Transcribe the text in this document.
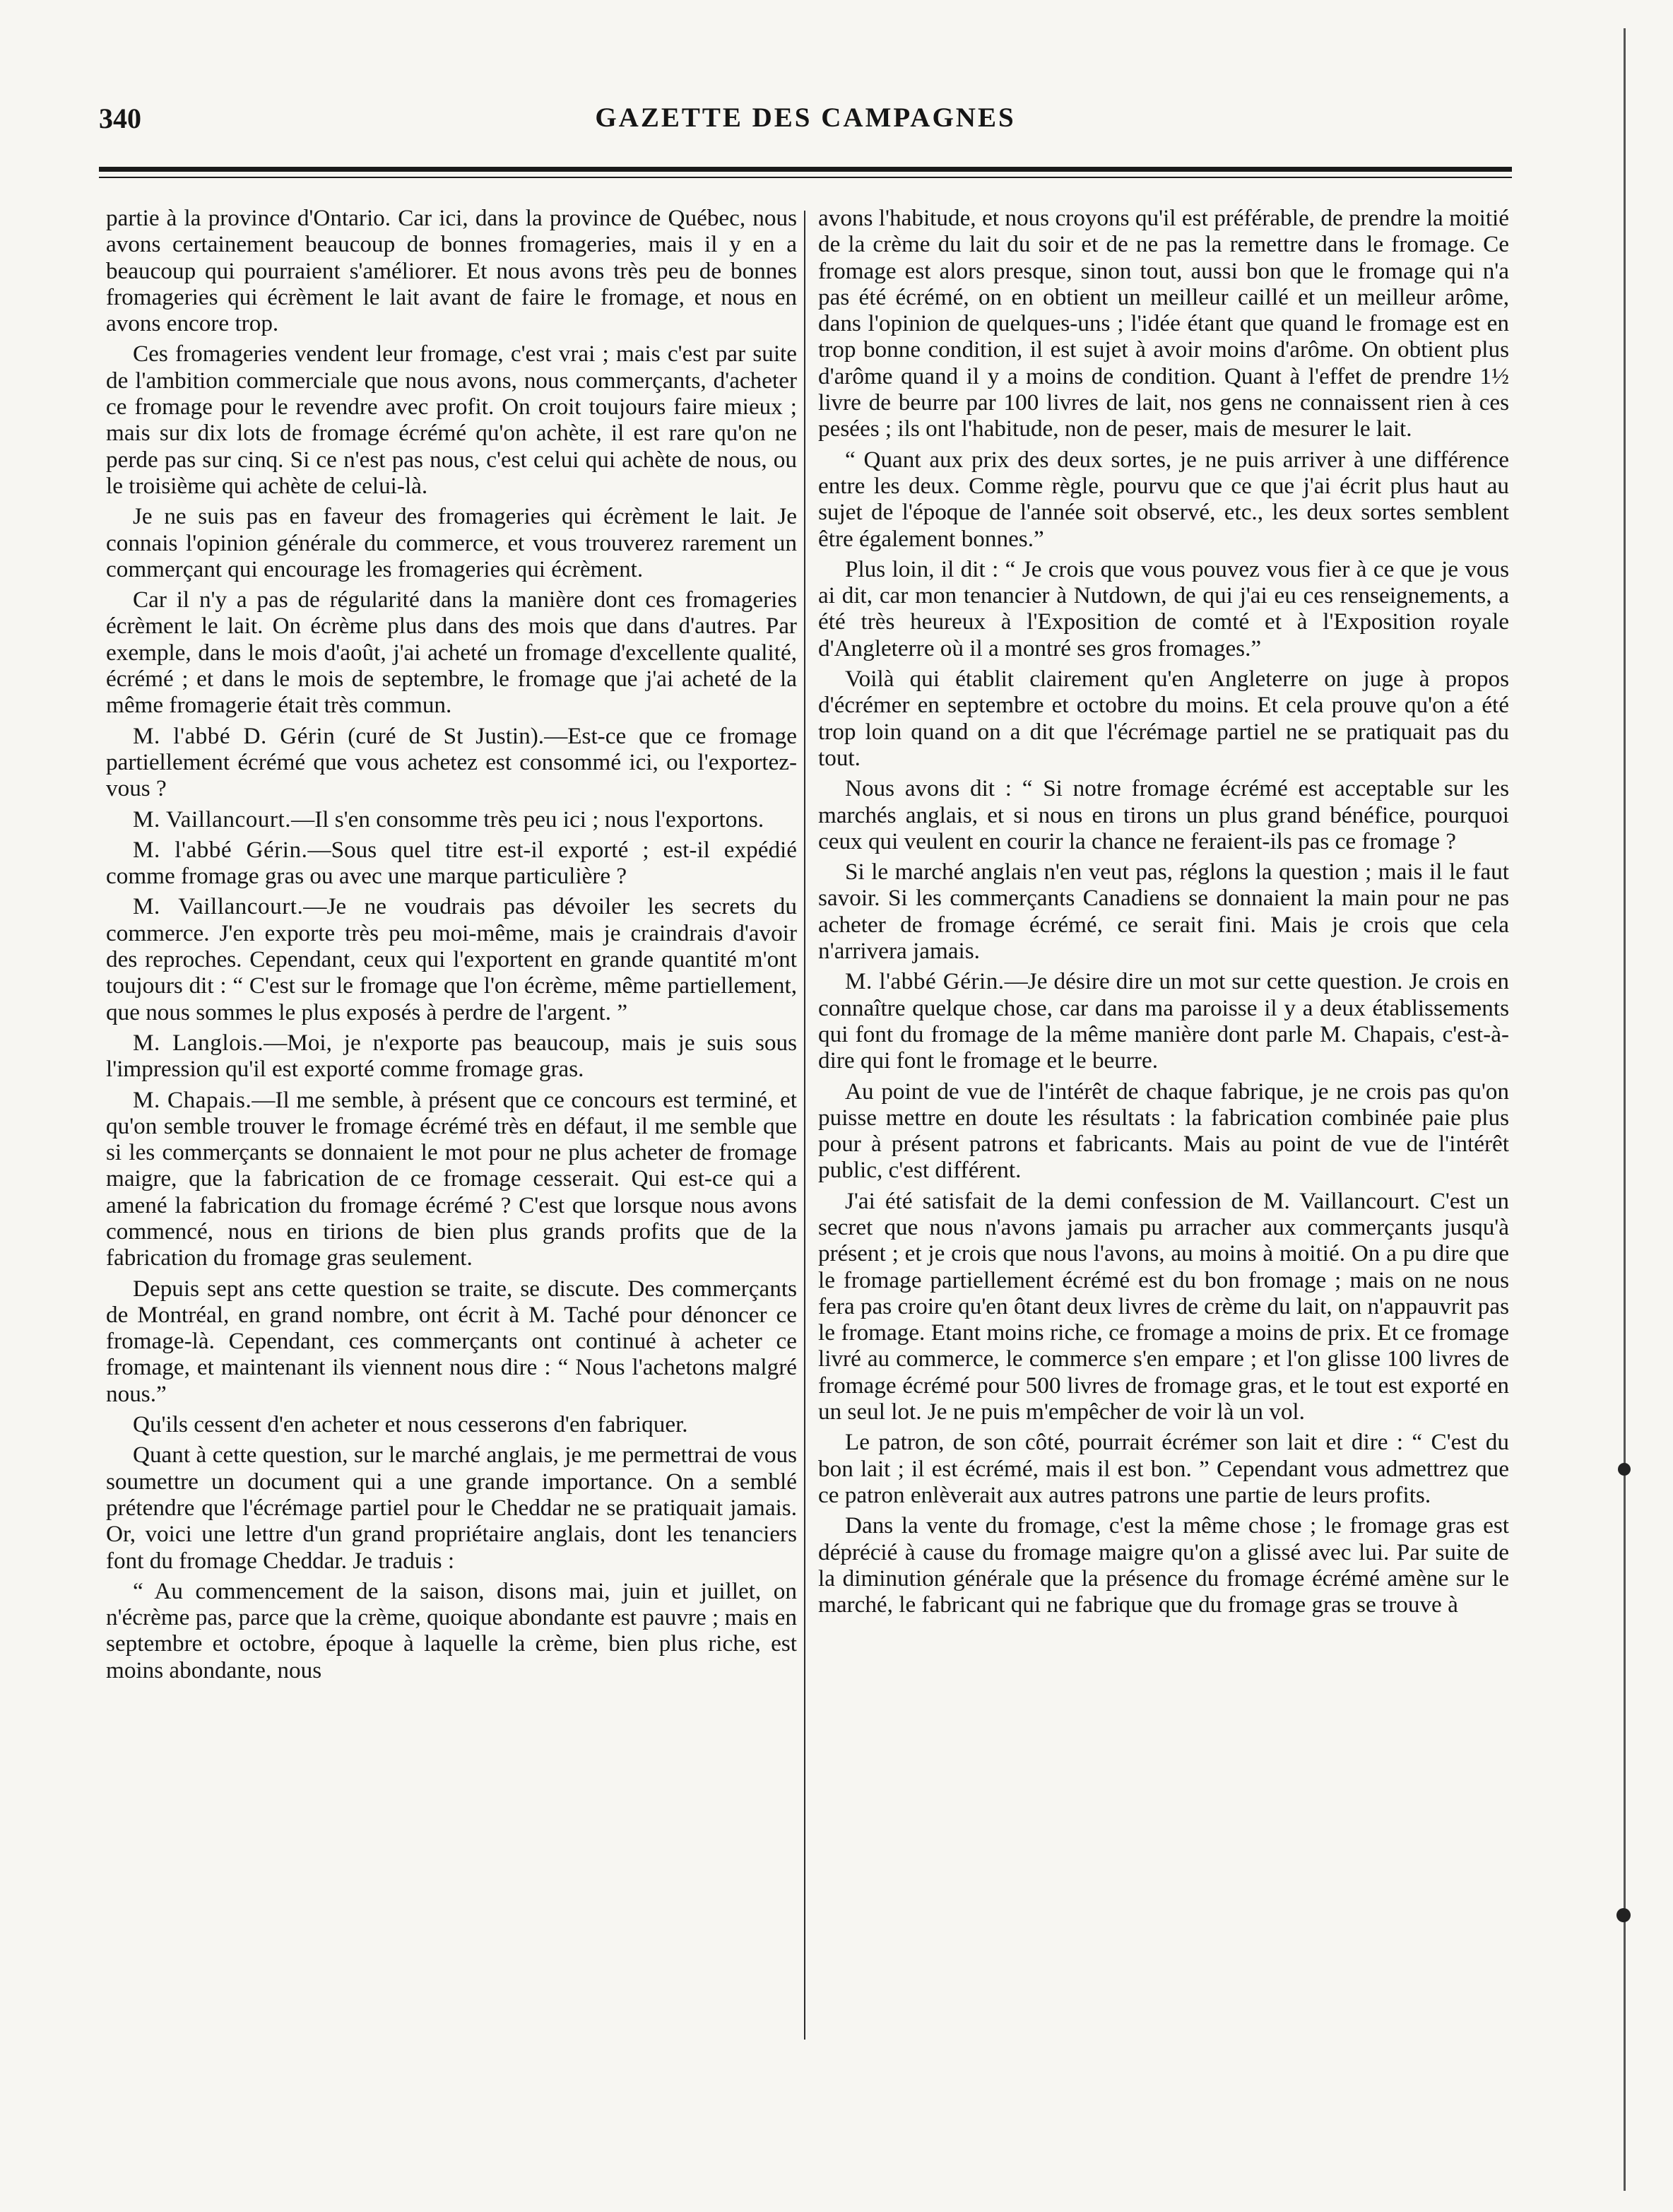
340	GAZETTE DES CAMPAGNES

partie à la province d'Ontario. Car ici, dans la province de Québec, nous avons certainement beaucoup de bonnes fromageries, mais il y en a beaucoup qui pourraient s'améliorer. Et nous avons très peu de bonnes fromageries qui écrèment le lait avant de faire le fromage, et nous en avons encore trop.

Ces fromageries vendent leur fromage, c'est vrai ; mais c'est par suite de l'ambition commerciale que nous avons, nous commerçants, d'acheter ce fromage pour le revendre avec profit. On croit toujours faire mieux ; mais sur dix lots de fromage écrémé qu'on achète, il est rare qu'on ne perde pas sur cinq. Si ce n'est pas nous, c'est celui qui achète de nous, ou le troisième qui achète de celui-là.

Je ne suis pas en faveur des fromageries qui écrèment le lait. Je connais l'opinion générale du commerce, et vous trouverez rarement un commerçant qui encourage les fromageries qui écrèment.

Car il n'y a pas de régularité dans la manière dont ces fromageries écrèment le lait. On écrème plus dans des mois que dans d'autres. Par exemple, dans le mois d'août, j'ai acheté un fromage d'excellente qualité, écrémé ; et dans le mois de septembre, le fromage que j'ai acheté de la même fromagerie était très commun.

M. l'abbé D. Gérin (curé de St Justin).—Est-ce que ce fromage partiellement écrémé que vous achetez est consommé ici, ou l'exportez-vous ?

M. Vaillancourt.—Il s'en consomme très peu ici ; nous l'exportons.

M. l'abbé Gérin.—Sous quel titre est-il exporté ; est-il expédié comme fromage gras ou avec une marque particulière ?

M. Vaillancourt.—Je ne voudrais pas dévoiler les secrets du commerce. J'en exporte très peu moi-même, mais je craindrais d'avoir des reproches. Cependant, ceux qui l'exportent en grande quantité m'ont toujours dit : “ C'est sur le fromage que l'on écrème, même partiellement, que nous sommes le plus exposés à perdre de l'argent. ”

M. Langlois.—Moi, je n'exporte pas beaucoup, mais je suis sous l'impression qu'il est exporté comme fromage gras.

M. Chapais.—Il me semble, à présent que ce concours est terminé, et qu'on semble trouver le fromage écrémé très en défaut, il me semble que si les commerçants se donnaient le mot pour ne plus acheter de fromage maigre, que la fabrication de ce fromage cesserait. Qui est-ce qui a amené la fabrication du fromage écrémé ? C'est que lorsque nous avons commencé, nous en tirions de bien plus grands profits que de la fabrication du fromage gras seulement.

Depuis sept ans cette question se traite, se discute. Des commerçants de Montréal, en grand nombre, ont écrit à M. Taché pour dénoncer ce fromage-là. Cependant, ces commerçants ont continué à acheter ce fromage, et maintenant ils viennent nous dire : “ Nous l'achetons malgré nous.”

Qu'ils cessent d'en acheter et nous cesserons d'en fabriquer.

Quant à cette question, sur le marché anglais, je me permettrai de vous soumettre un document qui a une grande importance. On a semblé prétendre que l'écrémage partiel pour le Cheddar ne se pratiquait jamais. Or, voici une lettre d'un grand propriétaire anglais, dont les tenanciers font du fromage Cheddar. Je traduis :

“ Au commencement de la saison, disons mai, juin et juillet, on n'écrème pas, parce que la crème, quoique abondante est pauvre ; mais en septembre et octobre, époque à laquelle la crème, bien plus riche, est moins abondante, nous

avons l'habitude, et nous croyons qu'il est préférable, de prendre la moitié de la crème du lait du soir et de ne pas la remettre dans le fromage. Ce fromage est alors presque, sinon tout, aussi bon que le fromage qui n'a pas été écrémé, on en obtient un meilleur caillé et un meilleur arôme, dans l'opinion de quelques-uns ; l'idée étant que quand le fromage est en trop bonne condition, il est sujet à avoir moins d'arôme. On obtient plus d'arôme quand il y a moins de condition. Quant à l'effet de prendre 1½ livre de beurre par 100 livres de lait, nos gens ne connaissent rien à ces pesées ; ils ont l'habitude, non de peser, mais de mesurer le lait.

“ Quant aux prix des deux sortes, je ne puis arriver à une différence entre les deux. Comme règle, pourvu que ce que j'ai écrit plus haut au sujet de l'époque de l'année soit observé, etc., les deux sortes semblent être également bonnes.”

Plus loin, il dit : “ Je crois que vous pouvez vous fier à ce que je vous ai dit, car mon tenancier à Nutdown, de qui j'ai eu ces renseignements, a été très heureux à l'Exposition de comté et à l'Exposition royale d'Angleterre où il a montré ses gros fromages.”

Voilà qui établit clairement qu'en Angleterre on juge à propos d'écrémer en septembre et octobre du moins. Et cela prouve qu'on a été trop loin quand on a dit que l'écrémage partiel ne se pratiquait pas du tout.

Nous avons dit : “ Si notre fromage écrémé est acceptable sur les marchés anglais, et si nous en tirons un plus grand bénéfice, pourquoi ceux qui veulent en courir la chance ne feraient-ils pas ce fromage ?

Si le marché anglais n'en veut pas, réglons la question ; mais il le faut savoir. Si les commerçants Canadiens se donnaient la main pour ne pas acheter de fromage écrémé, ce serait fini. Mais je crois que cela n'arrivera jamais.

M. l'abbé Gérin.—Je désire dire un mot sur cette question. Je crois en connaître quelque chose, car dans ma paroisse il y a deux établissements qui font du fromage de la même manière dont parle M. Chapais, c'est-à-dire qui font le fromage et le beurre.

Au point de vue de l'intérêt de chaque fabrique, je ne crois pas qu'on puisse mettre en doute les résultats : la fabrication combinée paie plus pour à présent patrons et fabricants. Mais au point de vue de l'intérêt public, c'est différent.

J'ai été satisfait de la demi confession de M. Vaillancourt. C'est un secret que nous n'avons jamais pu arracher aux commerçants jusqu'à présent ; et je crois que nous l'avons, au moins à moitié. On a pu dire que le fromage partiellement écrémé est du bon fromage ; mais on ne nous fera pas croire qu'en ôtant deux livres de crème du lait, on n'appauvrit pas le fromage. Etant moins riche, ce fromage a moins de prix. Et ce fromage livré au commerce, le commerce s'en empare ; et l'on glisse 100 livres de fromage écrémé pour 500 livres de fromage gras, et le tout est exporté en un seul lot. Je ne puis m'empêcher de voir là un vol.

Le patron, de son côté, pourrait écrémer son lait et dire : “ C'est du bon lait ; il est écrémé, mais il est bon. ” Cependant vous admettrez que ce patron enlèverait aux autres patrons une partie de leurs profits.

Dans la vente du fromage, c'est la même chose ; le fromage gras est déprécié à cause du fromage maigre qu'on a glissé avec lui. Par suite de la diminution générale que la présence du fromage écrémé amène sur le marché, le fabricant qui ne fabrique que du fromage gras se trouve à
